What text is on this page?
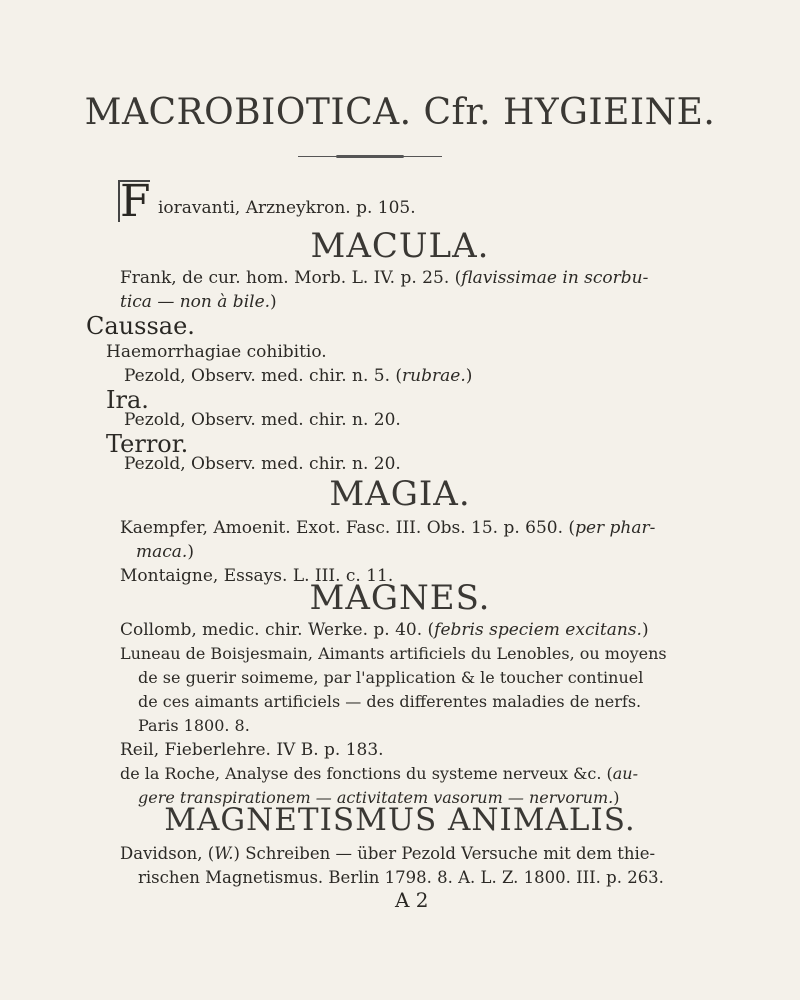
MACROBIOTICA. Cfr. HYGIEINE.
F ioravanti, Arzneykron. p. 105.
MACULA.
Frank, de cur. hom. Morb. L. IV. p. 25. (flavissimae in scorbu-
tica — non à bile.)
Caussae.
Haemorrhagiae cohibitio.
Pezold, Observ. med. chir. n. 5. (rubrae.)
Ira.
Pezold, Observ. med. chir. n. 20.
Terror.
Pezold, Observ. med. chir. n. 20.
MAGIA.
Kaempfer, Amoenit. Exot. Fasc. III. Obs. 15. p. 650. (per phar-
maca.)
Montaigne, Essays. L. III. c. 11.
MAGNES.
Collomb, medic. chir. Werke. p. 40. (febris speciem excitans.)
Luneau de Boisjesmain, Aimants artificiels du Lenobles, ou moyens
de se guerir soimeme, par l'application & le toucher continuel
de ces aimants artificiels — des differentes maladies de nerfs.
Paris 1800. 8.
Reil, Fieberlehre. IV B. p. 183.
de la Roche, Analyse des fonctions du systeme nerveux &c. (au-
gere transpirationem — activitatem vasorum — nervorum.)
MAGNETISMUS ANIMALIS.
Davidson, (W.) Schreiben — über Pezold Versuche mit dem thie-
rischen Magnetismus. Berlin 1798. 8. A. L. Z. 1800. III. p. 263.
A 2
